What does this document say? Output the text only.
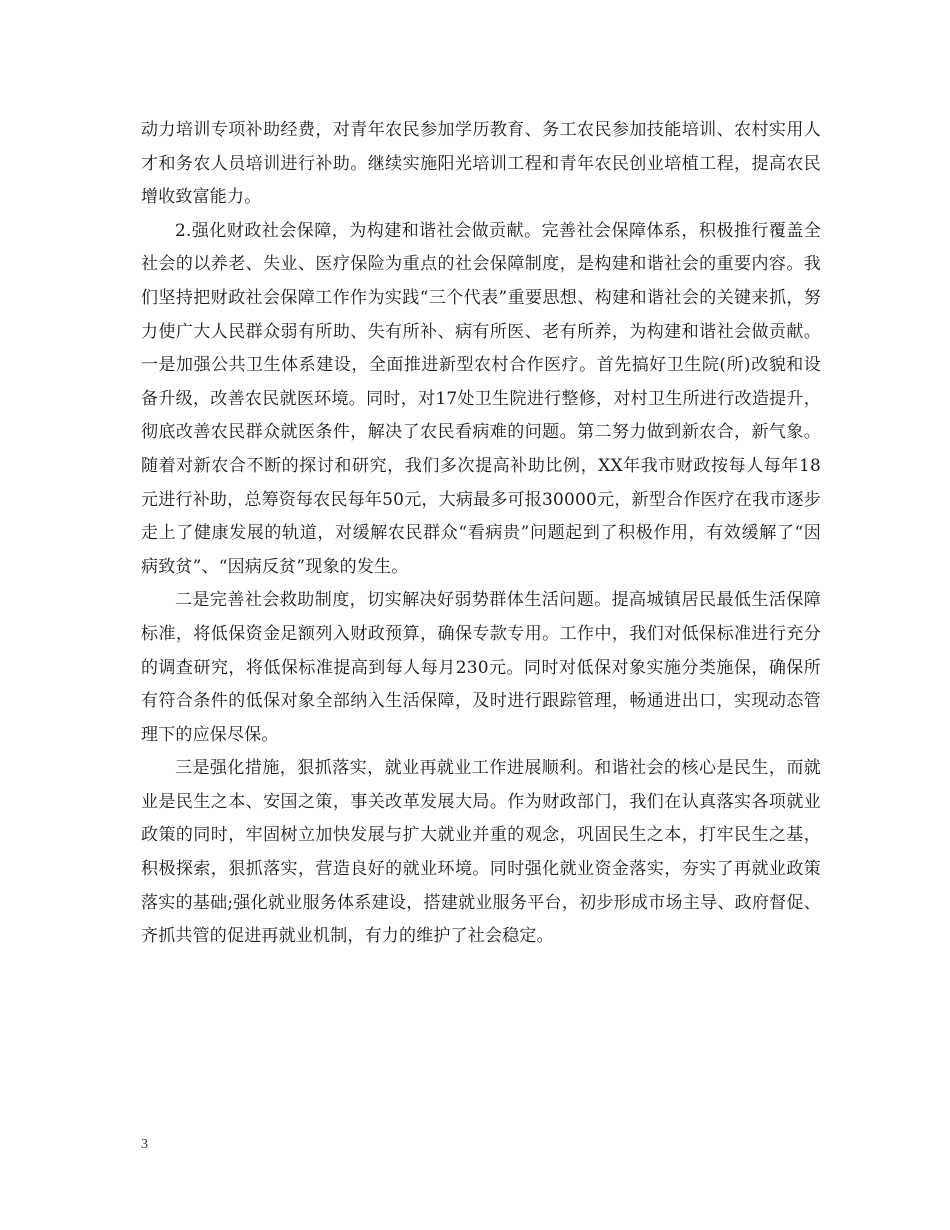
动力培训专项补助经费，对青年农民参加学历教育、务工农民参加技能培训、农村实用人才和务农人员培训进行补助。继续实施阳光培训工程和青年农民创业培植工程，提高农民增收致富能力。

2.强化财政社会保障，为构建和谐社会做贡献。完善社会保障体系，积极推行覆盖全社会的以养老、失业、医疗保险为重点的社会保障制度，是构建和谐社会的重要内容。我们坚持把财政社会保障工作作为实践“三个代表”重要思想、构建和谐社会的关键来抓，努力使广大人民群众弱有所助、失有所补、病有所医、老有所养，为构建和谐社会做贡献。一是加强公共卫生体系建设，全面推进新型农村合作医疗。首先搞好卫生院(所)改貌和设备升级，改善农民就医环境。同时，对17处卫生院进行整修，对村卫生所进行改造提升，彻底改善农民群众就医条件，解决了农民看病难的问题。第二努力做到新农合，新气象。随着对新农合不断的探讨和研究，我们多次提高补助比例，XX年我市财政按每人每年18元进行补助，总筹资每农民每年50元，大病最多可报30000元，新型合作医疗在我市逐步走上了健康发展的轨道，对缓解农民群众“看病贵”问题起到了积极作用，有效缓解了“因病致贫”、“因病反贫”现象的发生。

二是完善社会救助制度，切实解决好弱势群体生活问题。提高城镇居民最低生活保障标准，将低保资金足额列入财政预算，确保专款专用。工作中，我们对低保标准进行充分的调查研究，将低保标准提高到每人每月230元。同时对低保对象实施分类施保，确保所有符合条件的低保对象全部纳入生活保障，及时进行跟踪管理，畅通进出口，实现动态管理下的应保尽保。

三是强化措施，狠抓落实，就业再就业工作进展顺利。和谐社会的核心是民生，而就业是民生之本、安国之策，事关改革发展大局。作为财政部门，我们在认真落实各项就业政策的同时，牢固树立加快发展与扩大就业并重的观念，巩固民生之本，打牢民生之基，积极探索，狠抓落实，营造良好的就业环境。同时强化就业资金落实，夯实了再就业政策落实的基础;强化就业服务体系建设，搭建就业服务平台，初步形成市场主导、政府督促、齐抓共管的促进再就业机制，有力的维护了社会稳定。

3
